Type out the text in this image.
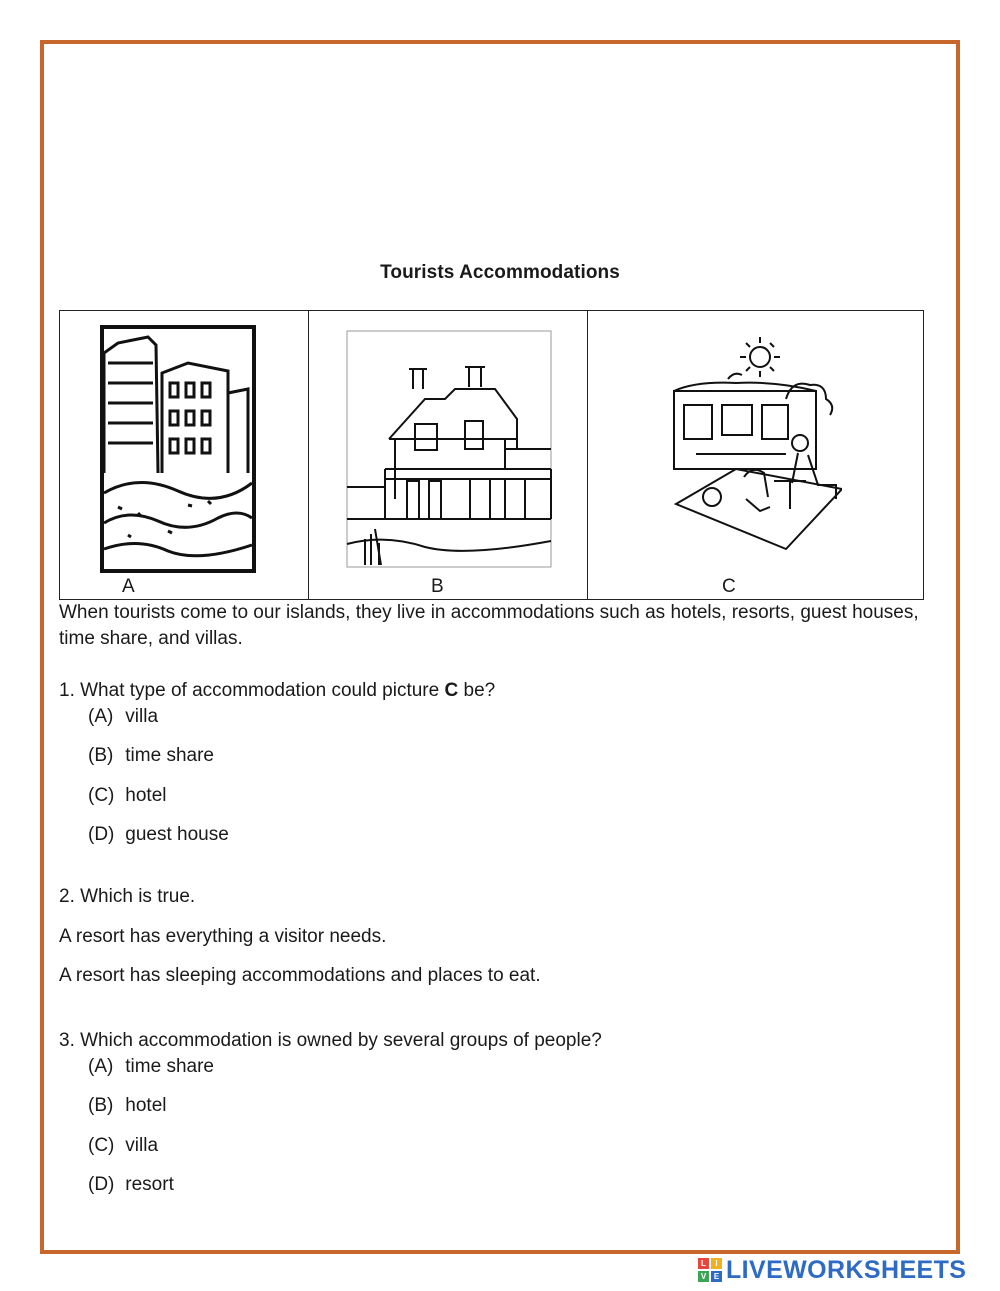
Tourists Accommodations
A	B	C
When tourists come to our islands, they live in accommodations such as hotels, resorts, guest houses,
time share, and villas.
1. What type of accommodation could picture C be?
(A) villa
(B) time share
(C) hotel
(D) guest house
2. Which is true.
A resort has everything a visitor needs.
A resort has sleeping accommodations and places to eat.
3. Which accommodation is owned by several groups of people?
(A) time share
(B) hotel
(C) villa
(D) resort
L	I
V E LIVEWORKSHEETS
